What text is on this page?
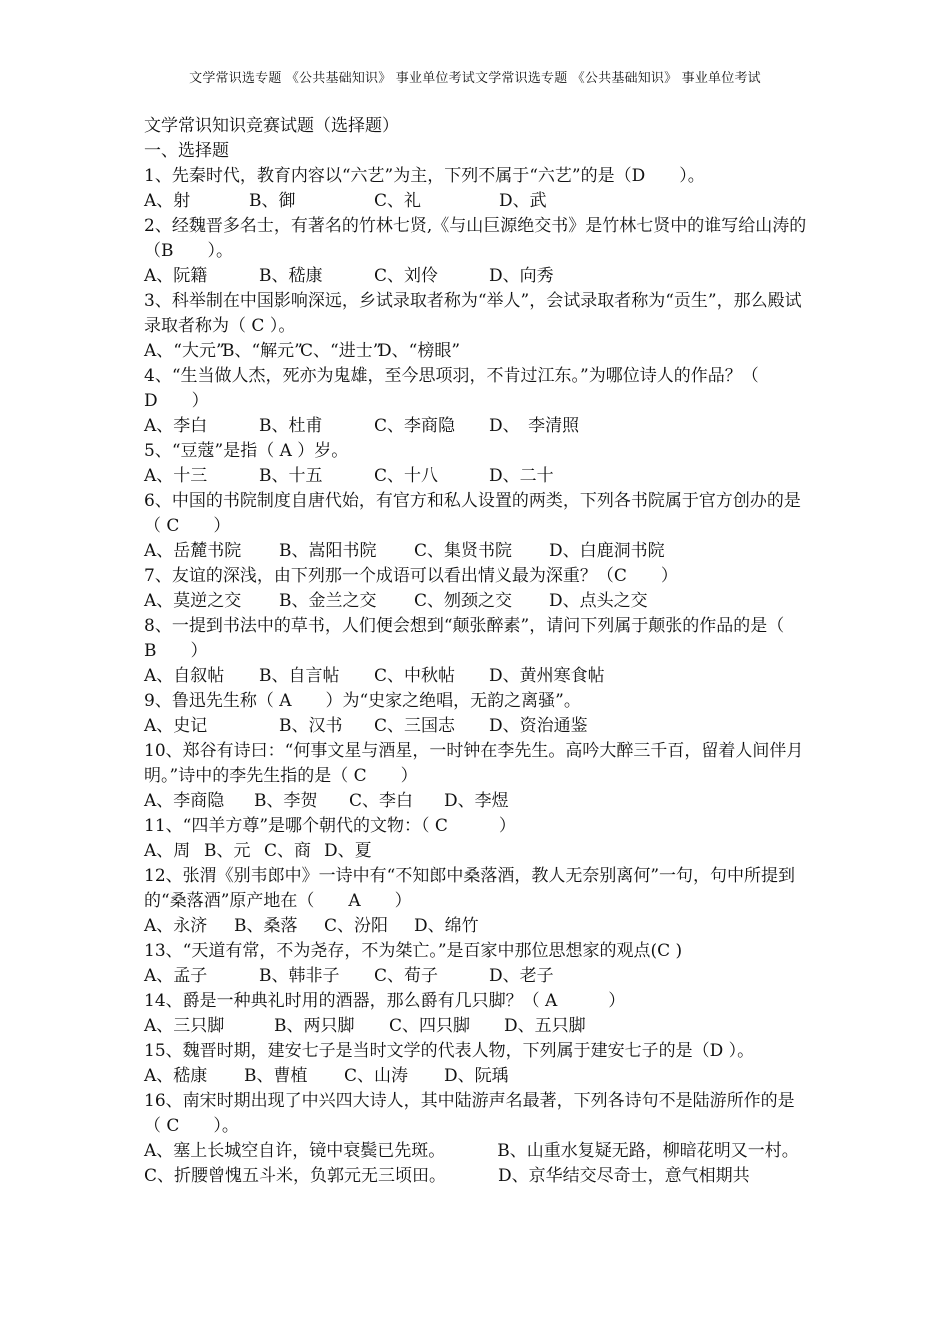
文学常识选专题 《公共基础知识》 事业单位考试文学常识选专题 《公共基础知识》 事业单位考试
文学常识知识竞赛试题（选择题）
一、选择题
1、先秦时代，教育内容以“六艺”为主，下列不属于“六艺”的是（D　　）。
A、射	B、御	C、礼	D、武
2、经魏晋多名士，有著名的竹林七贤,《与山巨源绝交书》是竹林七贤中的谁写给山涛的（B　　）。
A、阮籍	B、嵇康	C、刘伶	D、向秀
3、科举制在中国影响深远，乡试录取者称为“举人”，会试录取者称为“贡生”，那么殿试录取者称为（ C ）。
A、“大元”
B、“解元”
C、“进士”
D、“榜眼”
4、“生当做人杰，死亦为鬼雄，至今思项羽，不肯过江东。”为哪位诗人的作品？（ D　　）
A、李白	B、杜甫	C、李商隐	D、　李清照
5、“豆蔻”是指（ A ）岁。
A、十三	B、十五	C、十八	D、二十
6、中国的书院制度自唐代始，有官方和私人设置的两类，下列各书院属于官方创办的是（ C　　）
A、岳麓书院	B、嵩阳书院	C、集贤书院	D、白鹿洞书院
7、友谊的深浅，由下列那一个成语可以看出情义最为深重？（C　　）
A、莫逆之交	B、金兰之交	C、刎颈之交	D、点头之交
8、一提到书法中的草书，人们便会想到“颠张醉素”，请问下列属于颠张的作品的是（ B　　）
A、自叙帖	B、自言帖	C、中秋帖	D、黄州寒食帖
9、鲁迅先生称（ A　　）为“史家之绝唱，无韵之离骚”。
A、史记	B、汉书	C、三国志	D、资治通鉴
10、郑谷有诗曰：“何事文星与酒星，一时钟在李先生。高吟大醉三千百，留着人间伴月明。”诗中的李先生指的是（ C　　）
A、李商隐	B、李贺	C、李白	D、李煜
11、“四羊方尊”是哪个朝代的文物：（ C　　　）
A、周 B、元 C、商 D、夏
12、张渭《别韦郎中》一诗中有“不知郎中桑落酒，教人无奈别离何”一句，句中所提到的“桑落酒”原产地在（　　A　　）
A、永济	B、桑落	C、汾阳	D、绵竹
13、“天道有常，不为尧存，不为桀亡。”是百家中那位思想家的观点(C )
A、孟子	B、韩非子	C、荀子	D、老子
14、爵是一种典礼时用的酒器，那么爵有几只脚？（ A　　　）
A、三只脚	B、两只脚	C、四只脚	D、五只脚
15、魏晋时期，建安七子是当时文学的代表人物，下列属于建安七子的是（D ）。
A、嵇康	B、曹植	C、山涛	D、阮瑀
16、南宋时期出现了中兴四大诗人，其中陆游声名最著，下列各诗句不是陆游所作的是（ C　　）。
A、塞上长城空自许，镜中衰鬓已先斑。	B、山重水复疑无路，柳暗花明又一村。
C、折腰曾愧五斗米，负郭元无三顷田。	D、京华结交尽奇士，意气相期共
